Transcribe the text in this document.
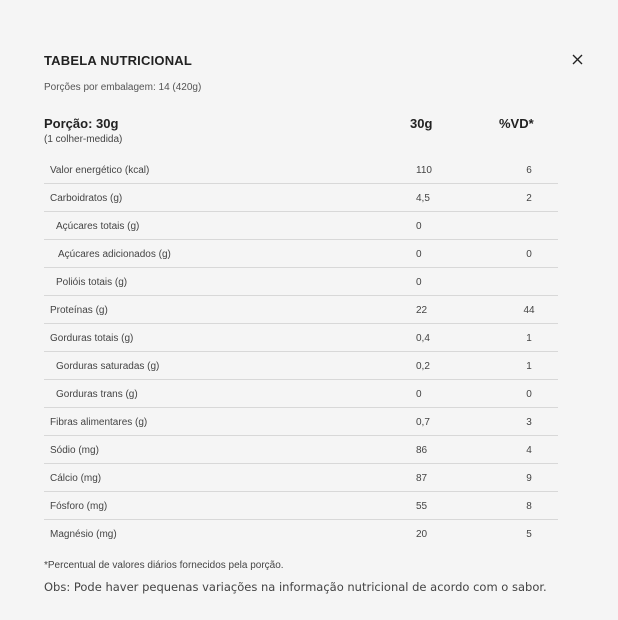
TABELA NUTRICIONAL
Porções por embalagem: 14 (420g)
Porção: 30g
(1 colher-medida)
30g	%VD*
Valor energético (kcal)	110	6
Carboidratos (g)	4,5	2
Açúcares totais (g)	0
Açúcares adicionados (g)	0	0
Polióis totais (g)	0
Proteínas (g)	22	44
Gorduras totais (g)	0,4	1
Gorduras saturadas (g)	0,2	1
Gorduras trans (g)	0	0
Fibras alimentares (g)	0,7	3
Sódio (mg)	86	4
Cálcio (mg)	87	9
Fósforo (mg)	55	8
Magnésio (mg)	20	5
*Percentual de valores diários fornecidos pela porção.
Obs: Pode haver pequenas variações na informação nutricional de acordo com o sabor.
